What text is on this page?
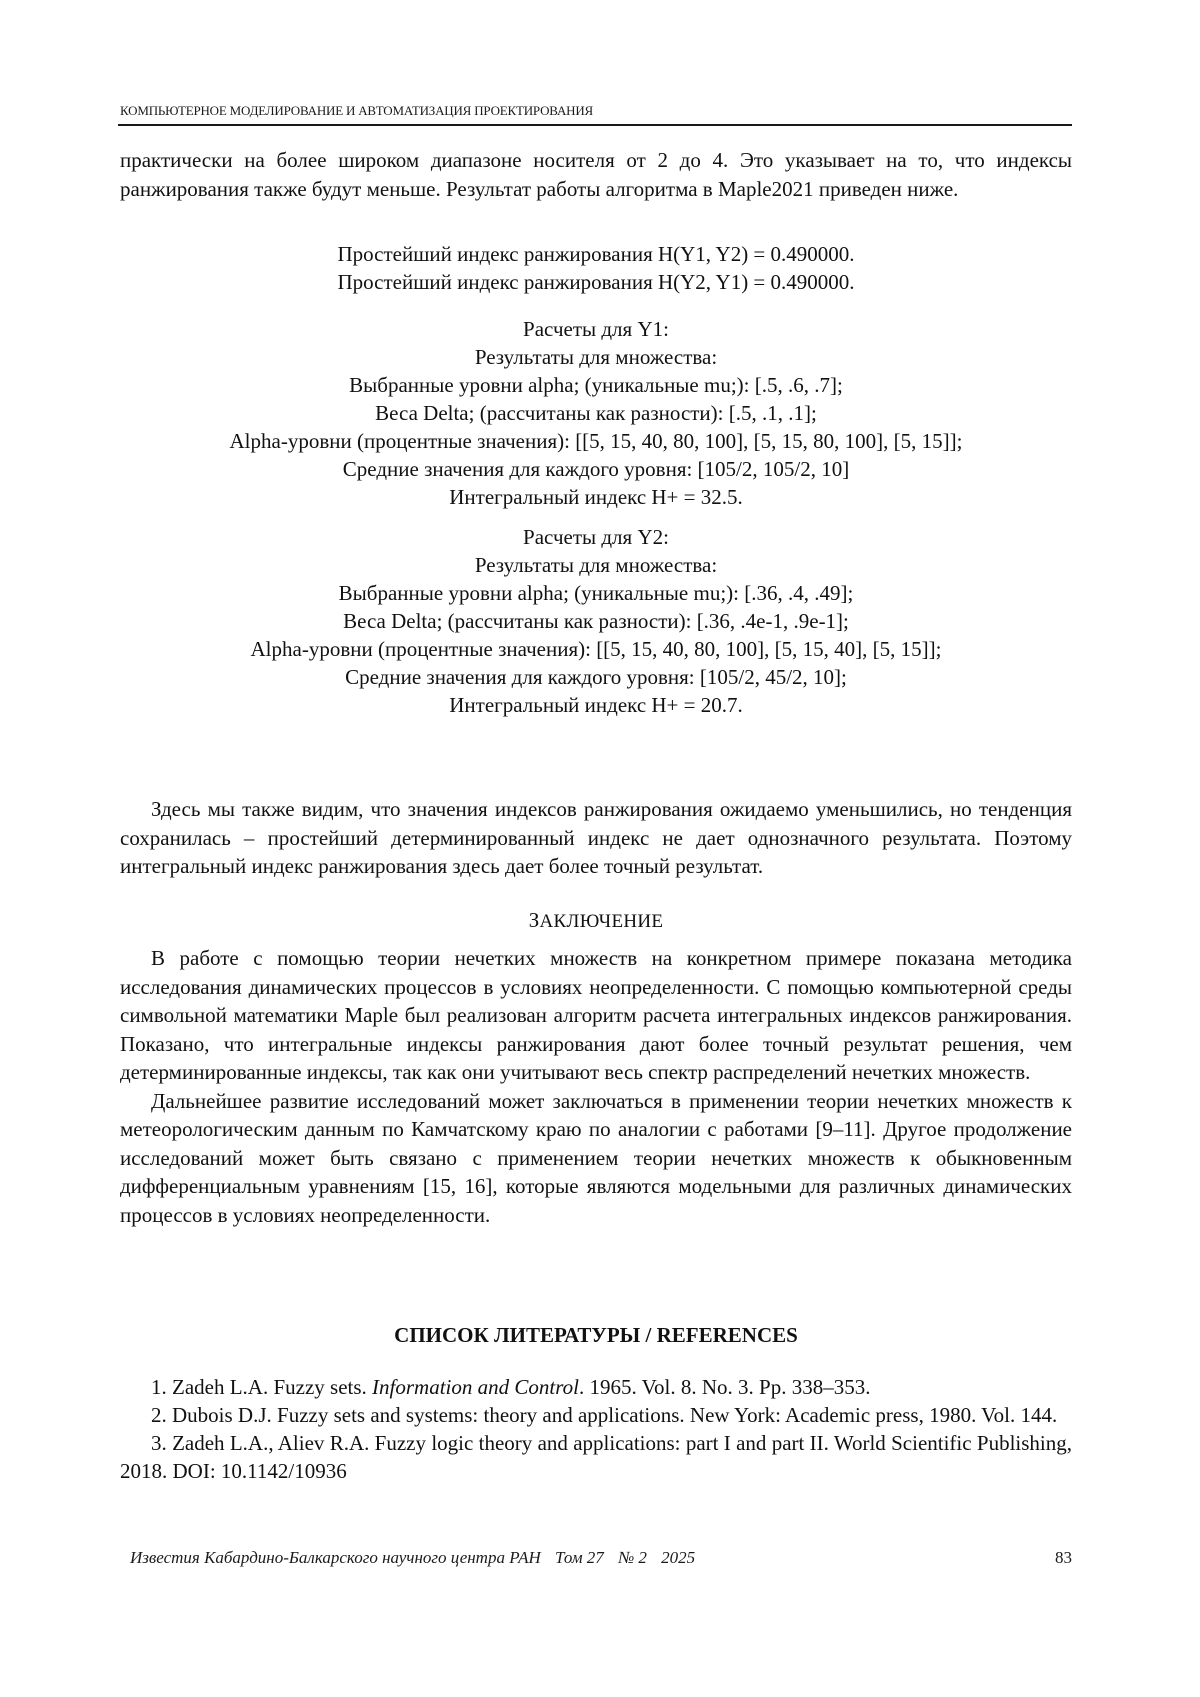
КОМПЬЮТЕРНОЕ МОДЕЛИРОВАНИЕ И АВТОМАТИЗАЦИЯ ПРОЕКТИРОВАНИЯ

практически на более широком диапазоне носителя от 2 до 4. Это указывает на то, что индексы ранжирования также будут меньше. Результат работы алгоритма в Maple2021 приведен ниже.

Простейший индекс ранжирования H(Y1, Y2) = 0.490000.
Простейший индекс ранжирования H(Y2, Y1) = 0.490000.
Расчеты для Y1:
Результаты для множества:
Выбранные уровни alpha; (уникальные mu;): [.5, .6, .7];
Веса Delta; (рассчитаны как разности): [.5, .1, .1];
Alpha-уровни (процентные значения): [[5, 15, 40, 80, 100], [5, 15, 80, 100], [5, 15]];
Средние значения для каждого уровня: [105/2, 105/2, 10]
Интегральный индекс H+ = 32.5.
Расчеты для Y2:
Результаты для множества:
Выбранные уровни alpha; (уникальные mu;): [.36, .4, .49];
Веса Delta; (рассчитаны как разности): [.36, .4e-1, .9e-1];
Alpha-уровни (процентные значения): [[5, 15, 40, 80, 100], [5, 15, 40], [5, 15]];
Средние значения для каждого уровня: [105/2, 45/2, 10];
Интегральный индекс H+ = 20.7.

Здесь мы также видим, что значения индексов ранжирования ожидаемо уменьшились, но тенденция сохранилась – простейший детерминированный индекс не дает однозначного результата. Поэтому интегральный индекс ранжирования здесь дает более точный результат.

ЗАКЛЮЧЕНИЕ

В работе с помощью теории нечетких множеств на конкретном примере показана методика исследования динамических процессов в условиях неопределенности. С помощью компьютерной среды символьной математики Maple был реализован алгоритм расчета интегральных индексов ранжирования. Показано, что интегральные индексы ранжирования дают более точный результат решения, чем детерминированные индексы, так как они учитывают весь спектр распределений нечетких множеств.

Дальнейшее развитие исследований может заключаться в применении теории нечетких множеств к метеорологическим данным по Камчатскому краю по аналогии с работами [9–11]. Другое продолжение исследований может быть связано с применением теории нечетких множеств к обыкновенным дифференциальным уравнениям [15, 16], которые являются модельными для различных динамических процессов в условиях неопределенности.

СПИСОК ЛИТЕРАТУРЫ / REFERENCES

1. Zadeh L.A. Fuzzy sets. Information and Control. 1965. Vol. 8. No. 3. Pp. 338–353.

2. Dubois D.J. Fuzzy sets and systems: theory and applications. New York: Academic press, 1980. Vol. 144.

3. Zadeh L.A., Aliev R.A. Fuzzy logic theory and applications: part I and part II. World Scientific Publishing, 2018. DOI: 10.1142/10936

Известия Кабардино-Балкарского научного центра РАН Том 27 № 2 2025	83
